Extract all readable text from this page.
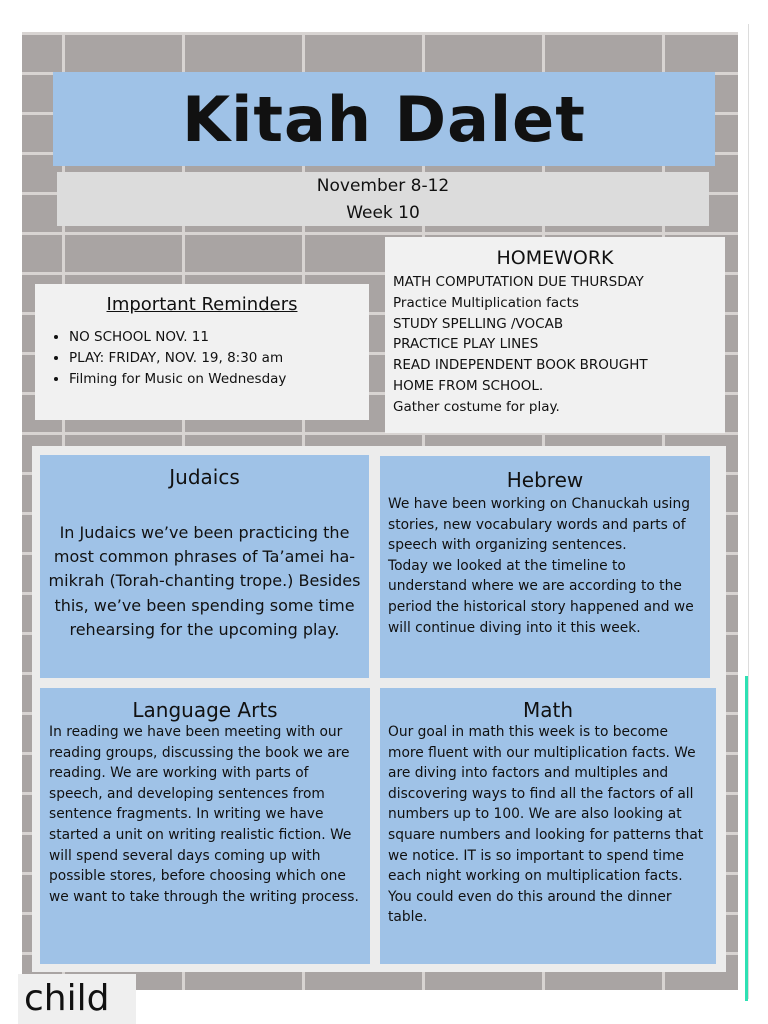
Kitah Dalet
November 8-12
Week 10
Important Reminders
• NO SCHOOL NOV. 11
• PLAY: FRIDAY, NOV. 19, 8:30 am
• Filming for Music on Wednesday
HOMEWORK
MATH COMPUTATION DUE THURSDAY
Practice Multiplication facts
STUDY SPELLING /VOCAB
PRACTICE PLAY LINES
READ INDEPENDENT BOOK BROUGHT
HOME FROM SCHOOL.
Gather costume for play.
Judaics
In Judaics we’ve been practicing the most common phrases of Ta’amei ha-mikrah (Torah-chanting trope.) Besides this, we’ve been spending some time rehearsing for the upcoming play.
Hebrew
We have been working on Chanuckah using stories, new vocabulary words and parts of speech with organizing sentences.
Today we looked at the timeline to understand where we are according to the period the historical story happened and we will continue diving into it this week.
Language Arts
In reading we have been meeting with our reading groups, discussing the book we are reading. We are working with parts of speech, and developing sentences from sentence fragments. In writing we have started a unit on writing realistic fiction. We will spend several days coming up with possible stores, before choosing which one we want to take through the writing process.
Math
Our goal in math this week is to become more fluent with our multiplication facts. We are diving into factors and multiples and discovering ways to find all the factors of all numbers up to 100. We are also looking at square numbers and looking for patterns that we notice. IT is so important to spend time each night working on multiplication facts. You could even do this around the dinner table.
child
